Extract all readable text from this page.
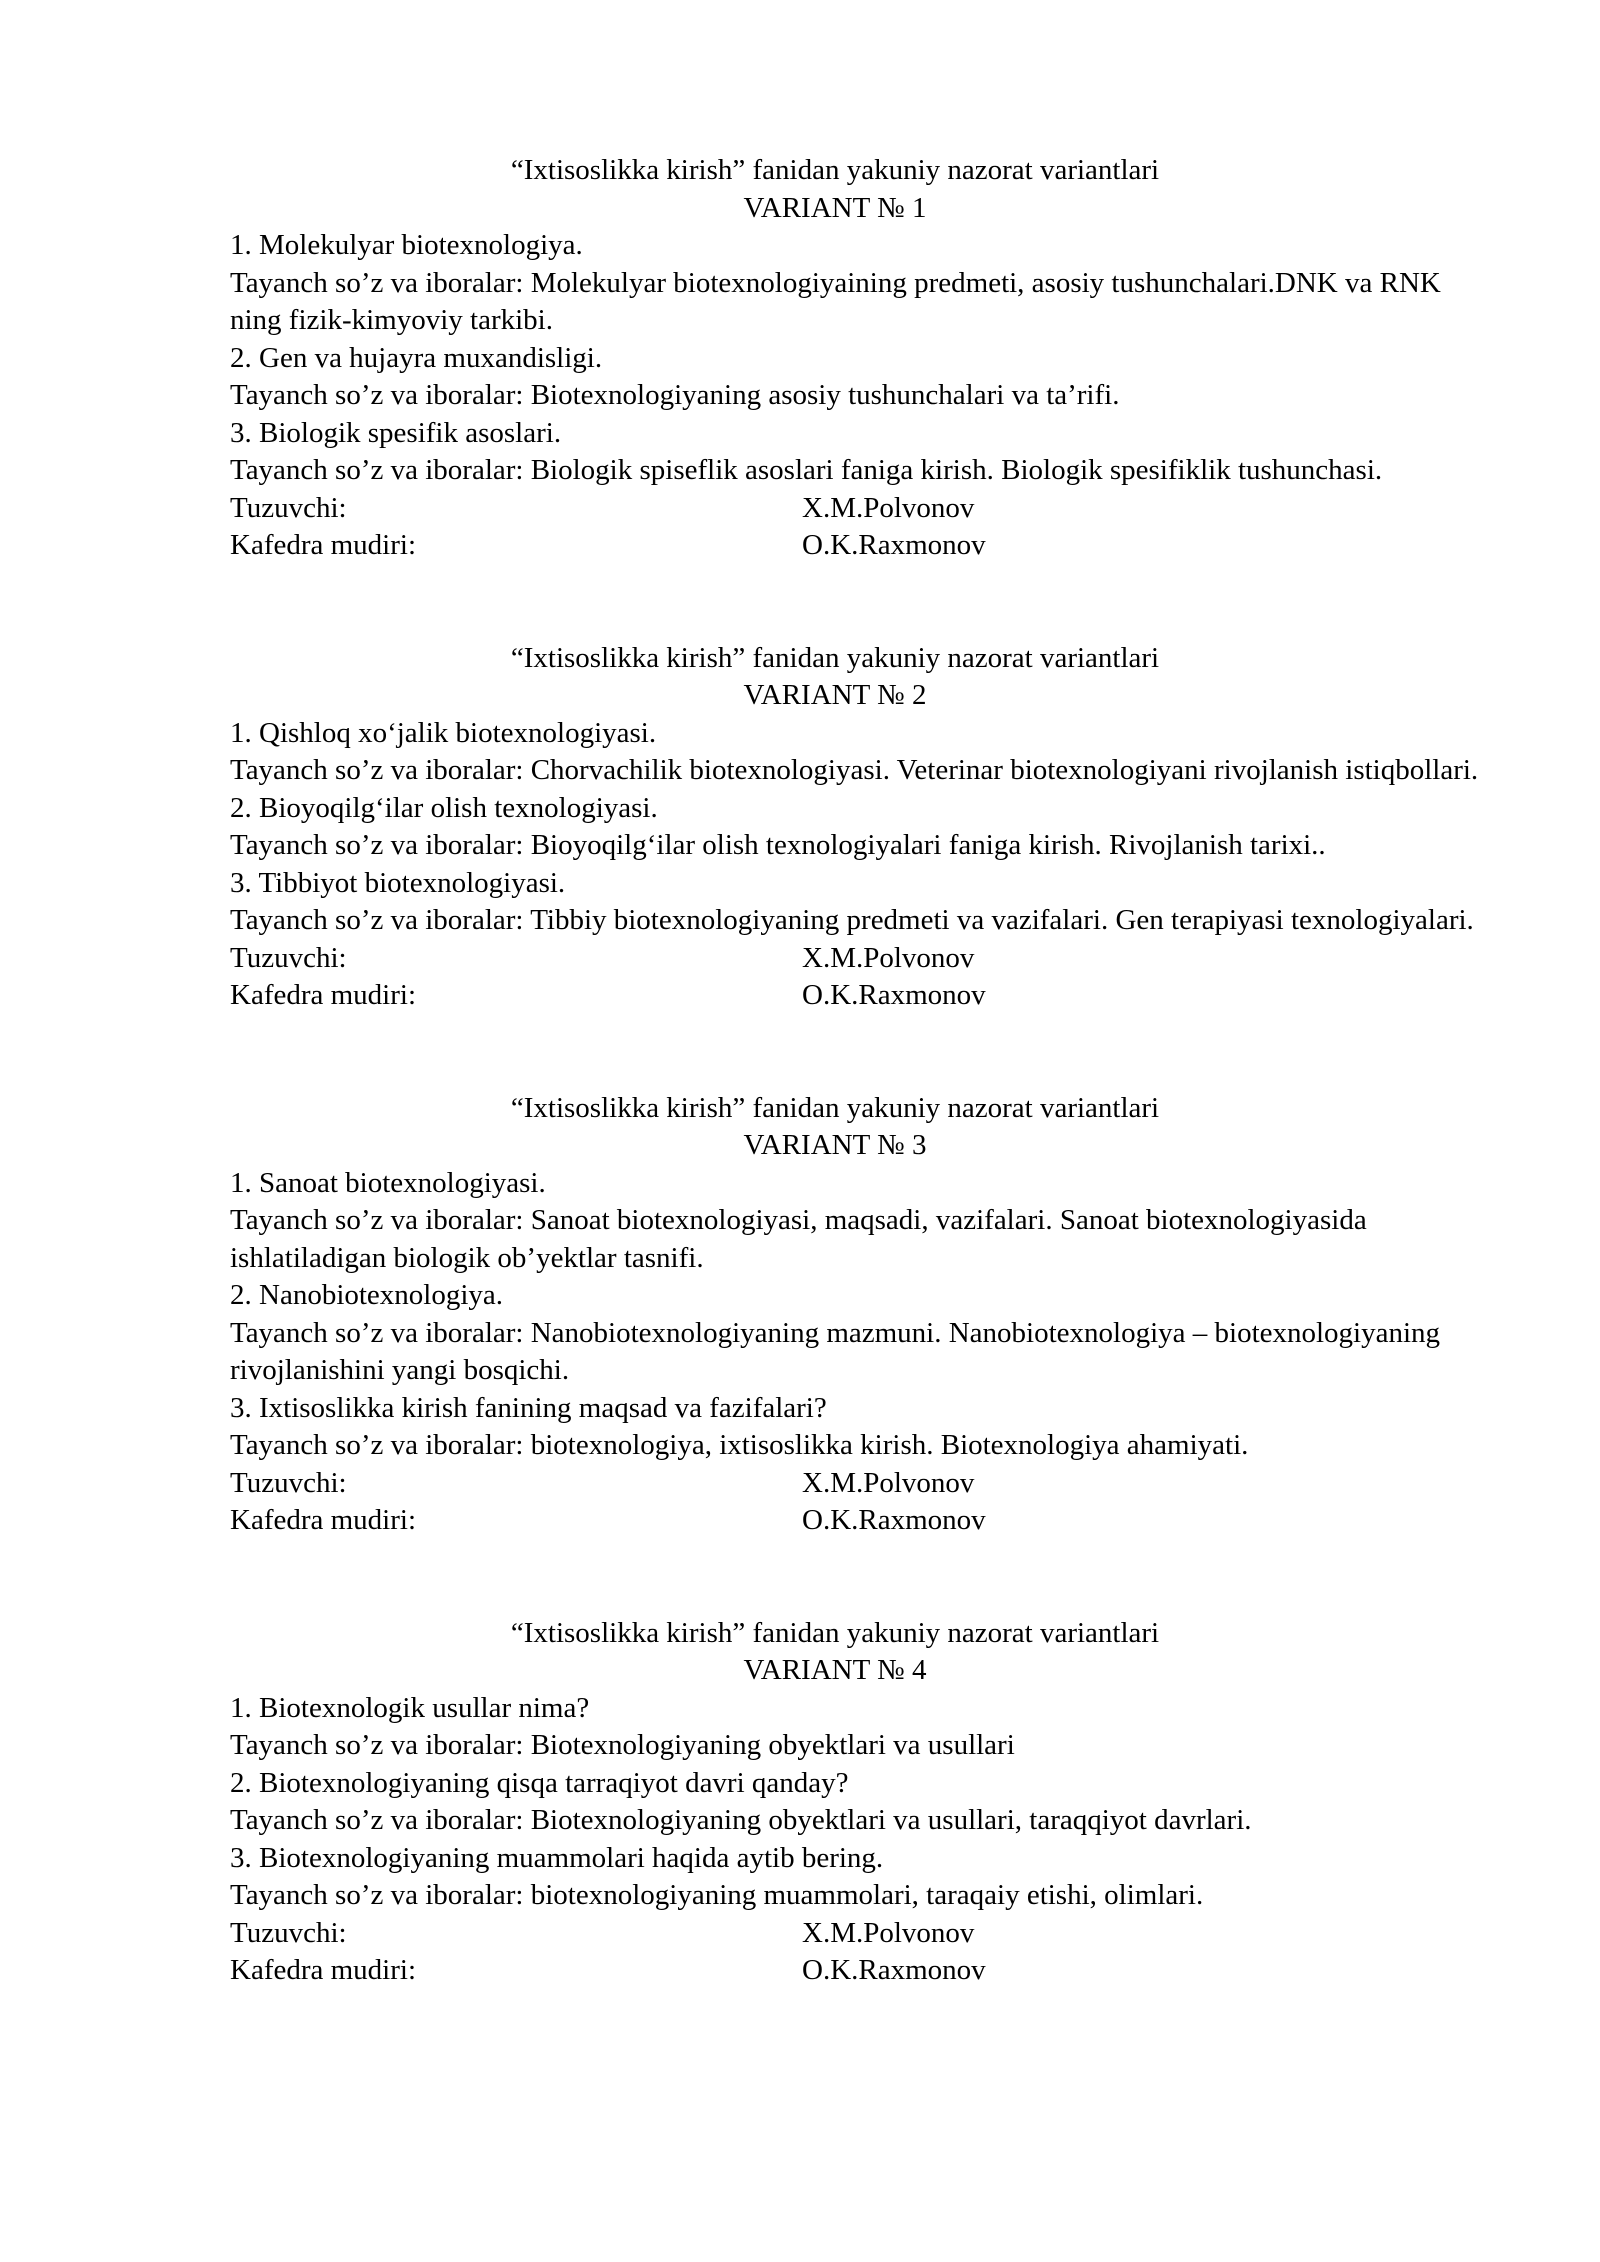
“Ixtisoslikka kirish” fanidan yakuniy nazorat variantlari
VARIANT № 1
1. Molekulyar biotexnologiya.
Tayanch so’z va iboralar: Molekulyar biotexnologiyaining predmeti, asosiy tushunchalari.DNK va RNK ning fizik-kimyoviy tarkibi.
2. Gen va hujayra muxandisligi.
Tayanch so’z va iboralar: Biotexnologiyaning asosiy tushunchalari va ta’rifi.
3. Biologik spesifik asoslari.
Tayanch so’z va iboralar: Biologik spiseflik asoslari faniga kirish. Biologik spesifiklik tushunchasi.
Tuzuvchi:	X.M.Polvonov
Kafedra mudiri:	O.K.Raxmonov
“Ixtisoslikka kirish” fanidan yakuniy nazorat variantlari
VARIANT № 2
1. Qishloq xo‘jalik biotexnologiyasi.
Tayanch so’z va iboralar: Chorvachilik biotexnologiyasi. Veterinar biotexnologiyani rivojlanish istiqbollari.
2. Bioyoqilg‘ilar olish texnologiyasi.
Tayanch so’z va iboralar: Bioyoqilg‘ilar olish texnologiyalari faniga kirish. Rivojlanish tarixi..
3. Tibbiyot biotexnologiyasi.
Tayanch so’z va iboralar: Tibbiy biotexnologiyaning predmeti va vazifalari. Gen terapiyasi texnologiyalari.
Tuzuvchi:	X.M.Polvonov
Kafedra mudiri:	O.K.Raxmonov
“Ixtisoslikka kirish” fanidan yakuniy nazorat variantlari
VARIANT № 3
1. Sanoat biotexnologiyasi.
Tayanch so’z va iboralar: Sanoat biotexnologiyasi, maqsadi, vazifalari. Sanoat biotexnologiyasida ishlatiladigan biologik ob’yektlar tasnifi.
2. Nanobiotexnologiya.
Tayanch so’z va iboralar: Nanobiotexnologiyaning mazmuni. Nanobiotexnologiya – biotexnologiyaning rivojlanishini yangi bosqichi.
3. Ixtisoslikka kirish fanining maqsad va fazifalari?
Tayanch so’z va iboralar: biotexnologiya, ixtisoslikka kirish. Biotexnologiya ahamiyati.
Tuzuvchi:	X.M.Polvonov
Kafedra mudiri:	O.K.Raxmonov
“Ixtisoslikka kirish” fanidan yakuniy nazorat variantlari
VARIANT № 4
1. Biotexnologik usullar nima?
Tayanch so’z va iboralar: Biotexnologiyaning obyektlari va usullari
2. Biotexnologiyaning qisqa tarraqiyot davri qanday?
Tayanch so’z va iboralar: Biotexnologiyaning obyektlari va usullari, taraqqiyot davrlari.
3. Biotexnologiyaning muammolari haqida aytib bering.
Tayanch so’z va iboralar: biotexnologiyaning muammolari, taraqaiy etishi, olimlari.
Tuzuvchi:	X.M.Polvonov
Kafedra mudiri:	O.K.Raxmonov
